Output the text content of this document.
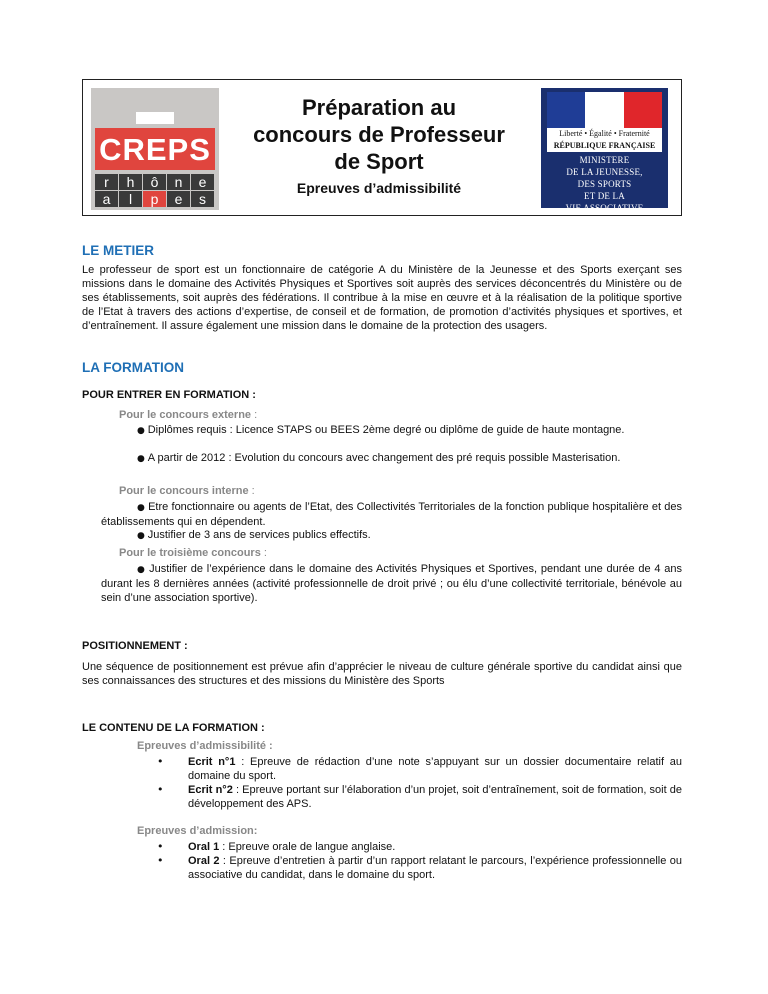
CREPS
r	h	ô	n	e
a	l	p	e	s
Préparation au
concours de Professeur
de Sport
Epreuves d’admissibilité
Liberté • Égalité • Fraternité
RÉPUBLIQUE FRANÇAISE
MINISTERE
DE LA JEUNESSE,
DES SPORTS
ET DE LA
VIE ASSOCIATIVE
LE METIER
Le professeur de sport est un fonctionnaire de catégorie A du Ministère de la Jeunesse et des Sports exerçant ses missions dans le domaine des Activités Physiques et Sportives soit auprès des services déconcentrés du Ministère ou de ses établissements, soit auprès des fédérations. Il contribue à la mise en œuvre et à la réalisation de la politique sportive de l’Etat à travers des actions d’expertise, de conseil et de formation, de promotion d’activités physiques et sportives, et d’entraînement. Il assure également une mission dans le domaine de la protection des usagers.
LA FORMATION
POUR ENTRER EN FORMATION :
Pour le concours externe :
● Diplômes requis : Licence STAPS ou BEES 2ème degré ou diplôme de guide de haute montagne.
● A partir de 2012 : Evolution du concours avec changement des pré requis possible Masterisation.
Pour le concours interne :
● Etre fonctionnaire ou agents de l’Etat, des Collectivités Territoriales de la fonction publique hospitalière et des établissements qui en dépendent.
● Justifier de 3 ans de services publics effectifs.
Pour le troisième concours :
● Justifier de l’expérience dans le domaine des Activités Physiques et Sportives, pendant une durée de 4 ans durant les 8 dernières années (activité professionnelle de droit privé ; ou élu d’une collectivité territoriale, bénévole au sein d’une association sportive).
POSITIONNEMENT :
Une séquence de positionnement est prévue afin d’apprécier le niveau de culture générale sportive du candidat ainsi que ses connaissances des structures et des missions du Ministère des Sports
LE CONTENU DE LA FORMATION :
Epreuves d’admissibilité :
• Ecrit n°1 : Epreuve de rédaction d’une note s’appuyant sur un dossier documentaire relatif au domaine du sport.
• Ecrit n°2 : Epreuve portant sur l’élaboration d’un projet, soit d’entraînement, soit de formation, soit de développement des APS.
Epreuves d’admission:
• Oral 1 : Epreuve orale de langue anglaise.
• Oral 2 : Epreuve d’entretien à partir d’un rapport relatant le parcours, l’expérience professionnelle ou associative du candidat, dans le domaine du sport.
